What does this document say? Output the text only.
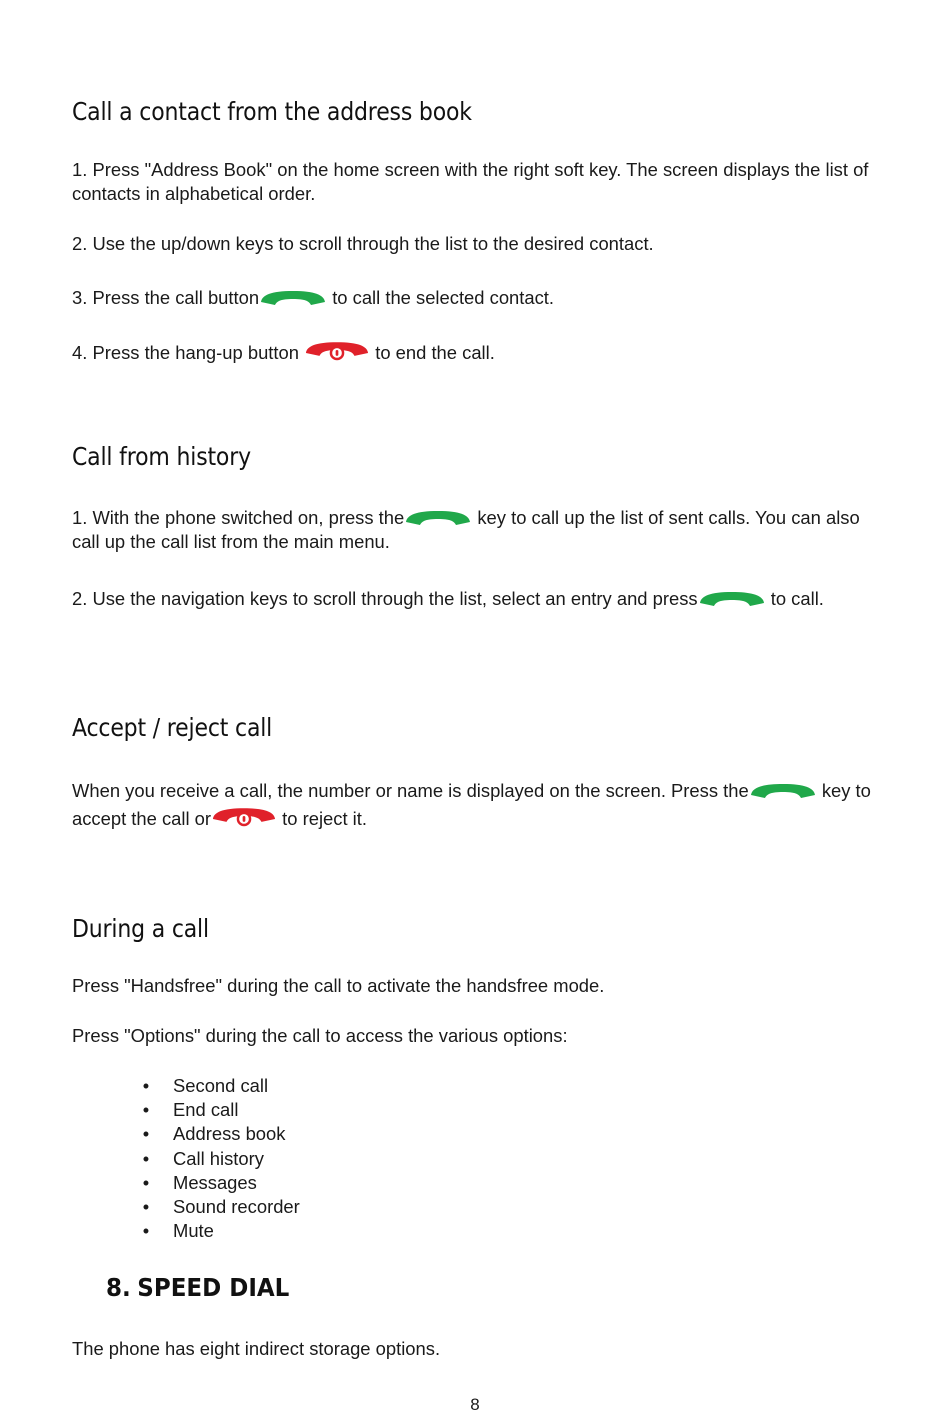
Call a contact from the address book

1. Press "Address Book" on the home screen with the right soft key. The screen displays the list of contacts in alphabetical order.

2. Use the up/down keys to scroll through the list to the desired contact.

3. Press the call button	to call the selected contact.

4. Press the hang-up button	to end the call.

Call from history

1. With the phone switched on, press the	key to call up the list of sent calls. You can also call up the call list from the main menu.

2. Use the navigation keys to scroll through the list, select an entry and press	to call.

Accept / reject call

When you receive a call, the number or name is displayed on the screen. Press the	key to accept the call or	to reject it.

During a call

Press "Handsfree" during the call to activate the handsfree mode.

Press "Options" during the call to access the various options:

• Second call
• End call
• Address book
• Call history
• Messages
• Sound recorder
• Mute
8. SPEED DIAL

The phone has eight indirect storage options.

8
